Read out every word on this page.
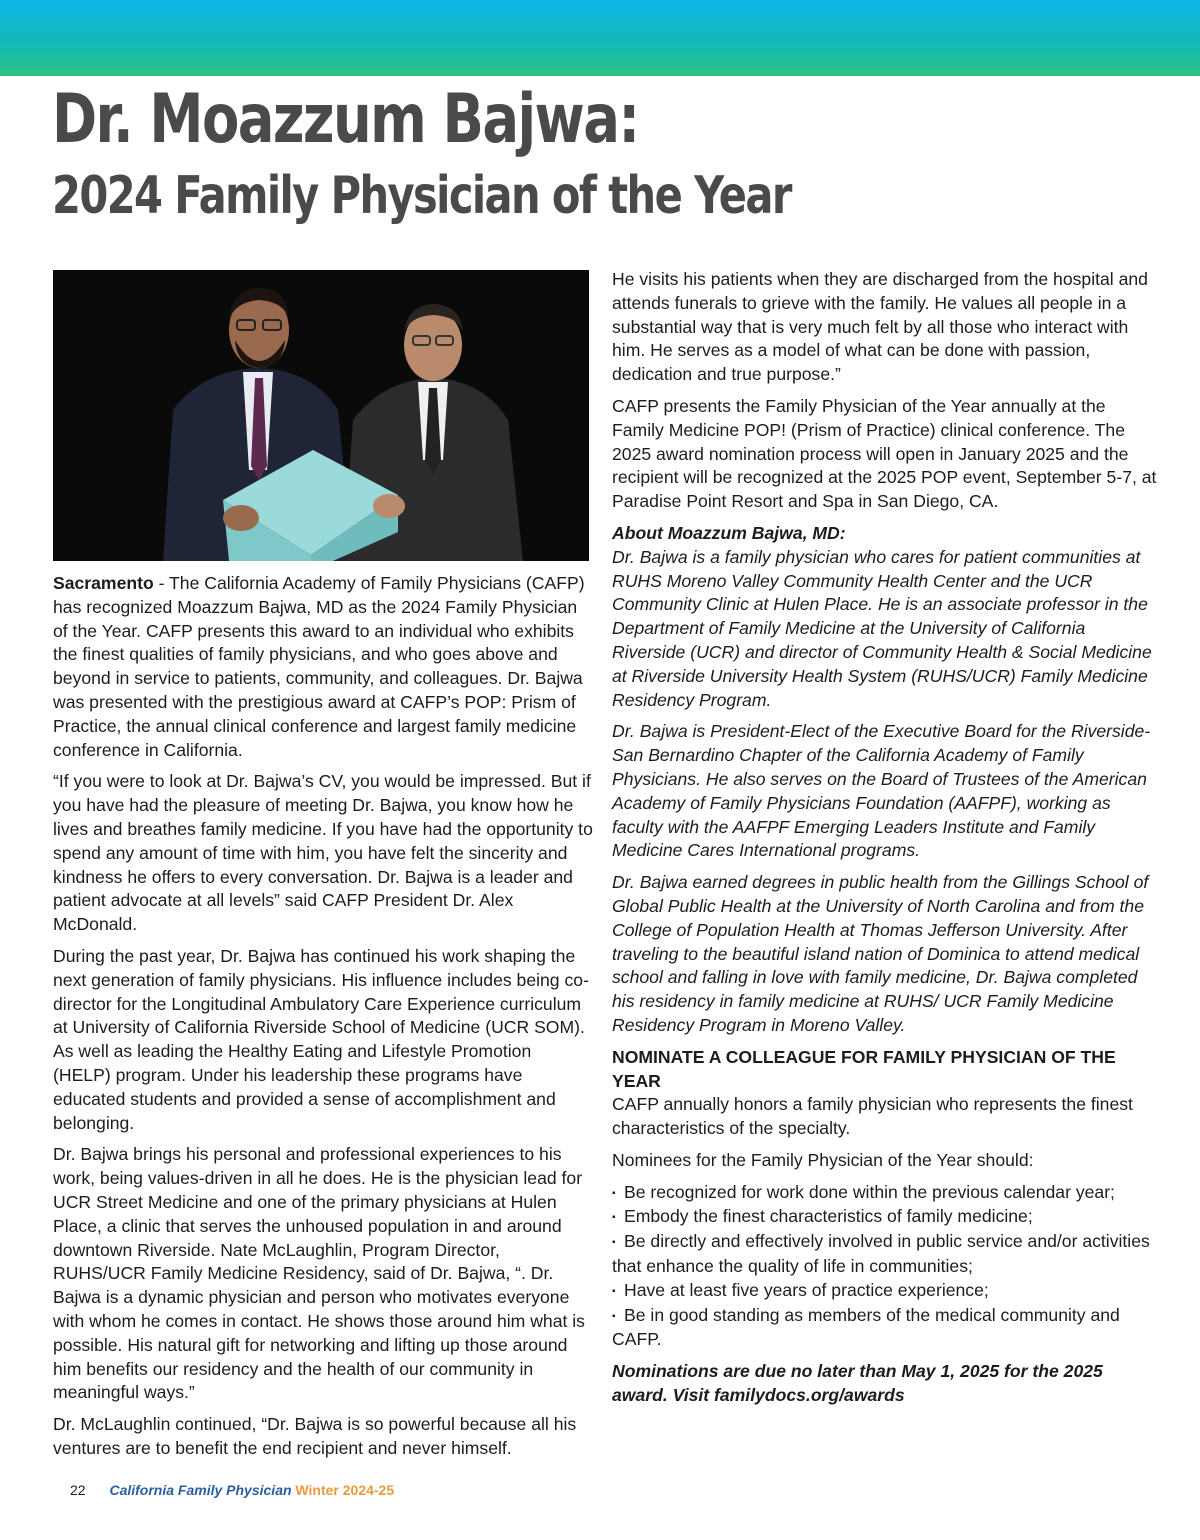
Dr. Moazzum Bajwa:
2024 Family Physician of the Year

Sacramento - The California Academy of Family Physicians (CAFP) has recognized Moazzum Bajwa, MD as the 2024 Family Physician of the Year. CAFP presents this award to an individual who exhibits the finest qualities of family physicians, and who goes above and beyond in service to patients, community, and colleagues. Dr. Bajwa was presented with the prestigious award at CAFP’s POP: Prism of Practice, the annual clinical conference and largest family medicine conference in California.

“If you were to look at Dr. Bajwa’s CV, you would be impressed. But if you have had the pleasure of meeting Dr. Bajwa, you know how he lives and breathes family medicine. If you have had the opportunity to spend any amount of time with him, you have felt the sincerity and kindness he offers to every conversation. Dr. Bajwa is a leader and patient advocate at all levels” said CAFP President Dr. Alex McDonald.

During the past year, Dr. Bajwa has continued his work shaping the next generation of family physicians. His influence includes being co-director for the Longitudinal Ambulatory Care Experience curriculum at University of California Riverside School of Medicine (UCR SOM). As well as leading the Healthy Eating and Lifestyle Promotion (HELP) program. Under his leadership these programs have educated students and provided a sense of accomplishment and belonging.

Dr. Bajwa brings his personal and professional experiences to his work, being values-driven in all he does. He is the physician lead for UCR Street Medicine and one of the primary physicians at Hulen Place, a clinic that serves the unhoused population in and around downtown Riverside. Nate McLaughlin, Program Director, RUHS/UCR Family Medicine Residency, said of Dr. Bajwa, “. Dr. Bajwa is a dynamic physician and person who motivates everyone with whom he comes in contact. He shows those around him what is possible. His natural gift for networking and lifting up those around him benefits our residency and the health of our community in meaningful ways.”

Dr. McLaughlin continued, “Dr. Bajwa is so powerful because all his ventures are to benefit the end recipient and never himself.

He visits his patients when they are discharged from the hospital and attends funerals to grieve with the family. He values all people in a substantial way that is very much felt by all those who interact with him. He serves as a model of what can be done with passion, dedication and true purpose.”

CAFP presents the Family Physician of the Year annually at the Family Medicine POP! (Prism of Practice) clinical conference. The 2025 award nomination process will open in January 2025 and the recipient will be recognized at the 2025 POP event, September 5-7, at Paradise Point Resort and Spa in San Diego, CA.

About Moazzum Bajwa, MD:

Dr. Bajwa is a family physician who cares for patient communities at RUHS Moreno Valley Community Health Center and the UCR Community Clinic at Hulen Place. He is an associate professor in the Department of Family Medicine at the University of California Riverside (UCR) and director of Community Health & Social Medicine at Riverside University Health System (RUHS/UCR) Family Medicine Residency Program.

Dr. Bajwa is President-Elect of the Executive Board for the Riverside-San Bernardino Chapter of the California Academy of Family Physicians. He also serves on the Board of Trustees of the American Academy of Family Physicians Foundation (AAFPF), working as faculty with the AAFPF Emerging Leaders Institute and Family Medicine Cares International programs.

Dr. Bajwa earned degrees in public health from the Gillings School of Global Public Health at the University of North Carolina and from the College of Population Health at Thomas Jefferson University. After traveling to the beautiful island nation of Dominica to attend medical school and falling in love with family medicine, Dr. Bajwa completed his residency in family medicine at RUHS/ UCR Family Medicine Residency Program in Moreno Valley.

NOMINATE A COLLEAGUE FOR FAMILY PHYSICIAN OF THE YEAR

CAFP annually honors a family physician who represents the finest characteristics of the specialty.

Nominees for the Family Physician of the Year should:

▪ Be recognized for work done within the previous calendar year;
▪ Embody the finest characteristics of family medicine;
▪ Be directly and effectively involved in public service and/or activities that enhance the quality of life in communities;
▪ Have at least five years of practice experience;
▪ Be in good standing as members of the medical community and CAFP.

Nominations are due no later than May 1, 2025 for the 2025 award. Visit familydocs.org/awards

22 California Family Physician Winter 2024-25
